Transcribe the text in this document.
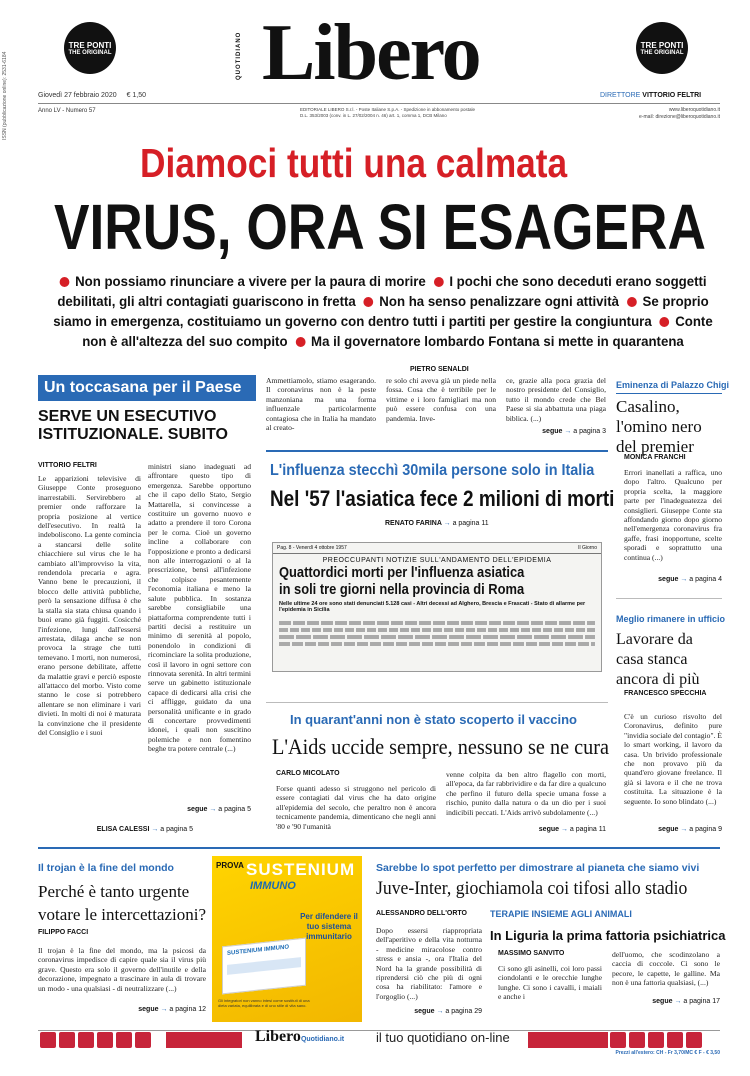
ISSN (pubblicazione online): 2531-6184
TRE PONTI
THE ORIGINAL
TRE PONTI
THE ORIGINAL
QUOTIDIANO Libero
Giovedì 27 febbraio 2020 € 1,50	DIRETTORE VITTORIO FELTRI
Anno LV - Numero 57	EDITORIALE LIBERO S.r.l. - Poste Italiane S.p.A. - Spedizione in abbonamento postale
D.L. 353/2003 (conv. in L. 27/02/2004 n. 46) art. 1, comma 1, DCB Milano
www.liberoquotidiano.it
e-mail: direzione@liberoquotidiano.it
Diamoci tutti una calmata
VIRUS, ORA SI ESAGERA
Non possiamo rinunciare a vivere per la paura di morire I pochi che sono deceduti erano soggetti debilitati, gli altri contagiati guariscono in fretta Non ha senso penalizzare ogni attività Se proprio siamo in emergenza, costituiamo un governo con dentro tutti i partiti per gestire la congiuntura Conte non è all'altezza del suo compito Ma il governatore lombardo Fontana si mette in quarantena
Un toccasana per il Paese
SERVE UN ESECUTIVO ISTITUZIONALE. SUBITO
VITTORIO FELTRI
Le apparizioni televisive di Giuseppe Conte proseguono inarrestabili. Servirebbero al premier onde rafforzare la propria posizione al vertice dell'esecutivo. In realtà la indeboliscono. La gente comincia a stancarsi delle solite chiacchiere sul virus che le ha cambiato all'improvviso la vita, rendendola precaria e agra. Vanno bene le precauzioni, il blocco delle attività pubbliche, però la sensazione diffusa è che la stalla sia stata chiusa quando i buoi erano già fuggiti. Cosicché l'infezione, lungi dall'essersi arrestata, dilaga anche se non provoca la strage che tutti temevano. I morti, non numerosi, erano persone debilitate, affette da malattie gravi e perciò esposte all'attacco del morbo. Visto come stanno le cose si potrebbero allentare se non eliminare i vari divieti. In molti di noi è maturata la convinzione che il presidente del Consiglio e i suoi
ministri siano inadeguati ad affrontare questo tipo di emergenza. Sarebbe opportuno che il capo dello Stato, Sergio Mattarella, si convincesse a costituire un governo nuovo e adatto a prendere il toro Corona per le corna. Cioè un governo incline a collaborare con l'opposizione e pronto a dedicarsi non alle interrogazioni o al la prescrizione, bensì all'infezione che colpisce pesantemente l'economia italiana e meno la salute pubblica. In sostanza sarebbe consigliabile una piattaforma comprendente tutti i partiti decisi a restituire un minimo di serenità al popolo, ponendolo in condizioni di ricominciare la solita produzione, così il lavoro in ogni settore con rinnovata serenità. In altri termini serve un gabinetto istituzionale capace di dedicarsi alla crisi che ci affligge, guidato da una personalità unificante e in grado di concertare provvedimenti idonei, i quali non suscitino polemiche e non fomentino beghe tra potere centrale (...)
segue → a pagina 5
ELISA CALESSI → a pagina 5
PIETRO SENALDI
Ammettiamolo, stiamo esagerando. Il coronavirus non è la peste manzoniana ma una forma influenzale particolarmente contagiosa che in Italia ha mandato al creato-
re solo chi aveva già un piede nella fossa. Cosa che è terribile per le vittime e i loro famigliari ma non può essere confusa con una pandemia. Inve-
ce, grazie alla poca grazia del nostro presidente del Consiglio, tutto il mondo crede che Bel Paese si sia abbattuta una piaga biblica. (...)
segue → a pagina 3
L'influenza stecchì 30mila persone solo in Italia
Nel '57 l'asiatica fece 2 milioni di morti
RENATO FARINA → a pagina 11
Pag. 8 - Venerdì 4 ottobre 1957	Il Giorno
PREOCCUPANTI NOTIZIE SULL'ANDAMENTO DELL'EPIDEMIA
Quattordici morti per l'influenza asiatica
in soli tre giorni nella provincia di Roma
Nelle ultime 24 ore sono stati denunciati 5.128 casi - Altri decessi ad Alghero, Brescia e Frascati - Stato di allarme per l'epidemia in Sicilia
In quarant'anni non è stato scoperto il vaccino
L'Aids uccide sempre, nessuno se ne cura
CARLO MICOLATO
Forse quanti adesso si struggono nel pericolo di essere contagiati dal virus che ha dato origine all'epidemia del secolo, che peraltro non è ancora tecnicamente pandemia, dimenticano che negli anni '80 e '90 l'umanità
venne colpita da ben altro flagello con morti, all'epoca, da far rabbrividire e da far dire a qualcuno che perfino il futuro della specie umana fosse a rischio, punito dalla natura o da un dio per i suoi indicibili peccati. L'Aids arrivò subdolamente (...)
segue → a pagina 11
Eminenza di Palazzo Chigi
Casalino, l'omino nero del premier
MONICA FRANCHI
Errori inanellati a raffica, uno dopo l'altro. Qualcuno per propria scelta, la maggiore parte per l'inadeguatezza dei consiglieri. Giuseppe Conte sta affondando giorno dopo giorno nell'emergenza coronavirus fra gaffe, frasi inopportune, scelte sporadi e soprattutto una continua (...)
segue → a pagina 4
Meglio rimanere in ufficio
Lavorare da casa stanca ancora di più
FRANCESCO SPECCHIA
C'è un curioso risvolto del Coronavirus, definito pure "invidia sociale del contagio". È lo smart working, il lavoro da casa. Un brivido professionale che non provavo più da quand'ero giovane freelance. Il già si lavora e il che ne trova costituita. La situazione è la seguente. Io sono blindato (...)
segue → a pagina 9
Il trojan è la fine del mondo
Perché è tanto urgente votare le intercettazioni?
FILIPPO FACCI
Il trojan è la fine del mondo, ma la psicosi da coronavirus impedisce di capire quale sia il virus più grave. Questo era solo il governo dell'inutile e della decorazione, impegnato a trascinare in aula di trovare un modo - una qualsiasi - di neutralizzare (...)
segue → a pagina 12
PROVA SUSTENIUM
IMMUNO
Per difendere il tuo sistema immunitario
SUSTENIUM IMMUNO
Gli integratori non vanno intesi come sostituti di una dieta variata, equilibrata e di uno stile di vita sano.
Sarebbe lo spot perfetto per dimostrare al pianeta che siamo vivi
Juve-Inter, giochiamola coi tifosi allo stadio
ALESSANDRO DELL'ORTO
Dopo essersi riappropriata dell'aperitivo e della vita notturna - medicine miracolose contro stress e ansia -, ora l'Italia del Nord ha la grande possibilità di riprendersi ciò che più di ogni cosa ha riabilitato: l'amore e l'orgoglio (...)
segue → a pagina 29
TERAPIE INSIEME AGLI ANIMALI
In Liguria la prima fattoria psichiatrica
MASSIMO SANVITO
Ci sono gli asinelli, coi loro passi ciondolanti e le orecchie lunghe lunghe. Ci sono i cavalli, i maiali e anche i
dell'uomo, che scodinzolano a caccia di coccole. Ci sono le pecore, le capette, le galline. Ma non è una fattoria qualsiasi, (...)
segue → a pagina 17
LiberoQuotidiano.it il tuo quotidiano on-line
Prezzi all'estero: CH - Fr 3,70/MC € F - € 3,50
